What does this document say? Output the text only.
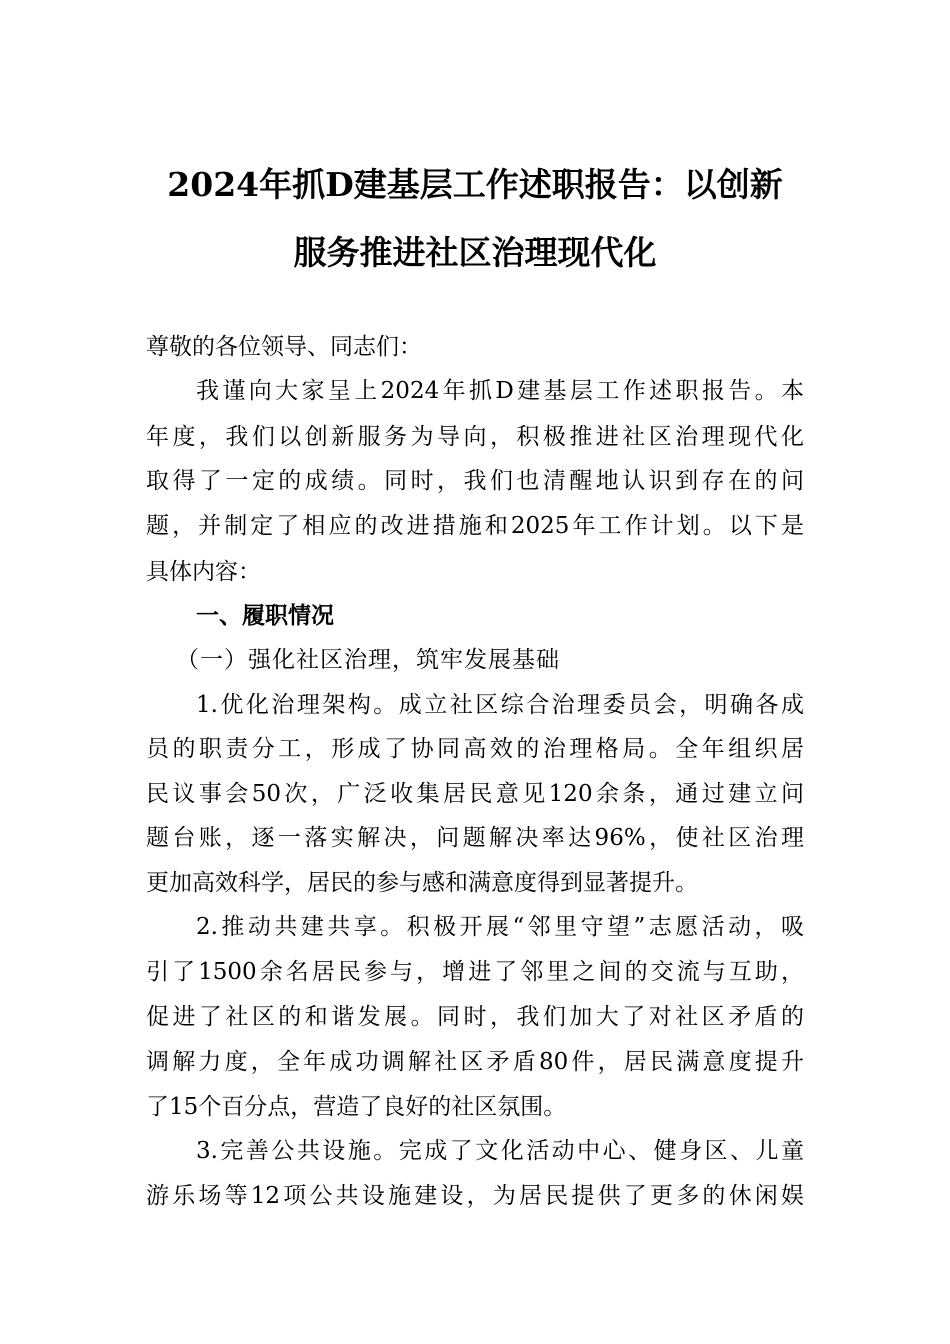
2024年抓D建基层工作述职报告：以创新
服务推进社区治理现代化
尊敬的各位领导、同志们：
我谨向大家呈上2024年抓D建基层工作述职报告。本
年度，我们以创新服务为导向，积极推进社区治理现代化
取得了一定的成绩。同时，我们也清醒地认识到存在的问
题，并制定了相应的改进措施和2025年工作计划。以下是
具体内容：
一、履职情况
（一）强化社区治理，筑牢发展基础
1.优化治理架构。成立社区综合治理委员会，明确各成
员的职责分工，形成了协同高效的治理格局。全年组织居
民议事会50次，广泛收集居民意见120余条，通过建立问
题台账，逐一落实解决，问题解决率达96%，使社区治理
更加高效科学，居民的参与感和满意度得到显著提升。
2.推动共建共享。积极开展“邻里守望”志愿活动，吸
引了1500余名居民参与，增进了邻里之间的交流与互助，
促进了社区的和谐发展。同时，我们加大了对社区矛盾的
调解力度，全年成功调解社区矛盾80件，居民满意度提升
了15个百分点，营造了良好的社区氛围。
3.完善公共设施。完成了文化活动中心、健身区、儿童
游乐场等12项公共设施建设，为居民提供了更多的休闲娱
